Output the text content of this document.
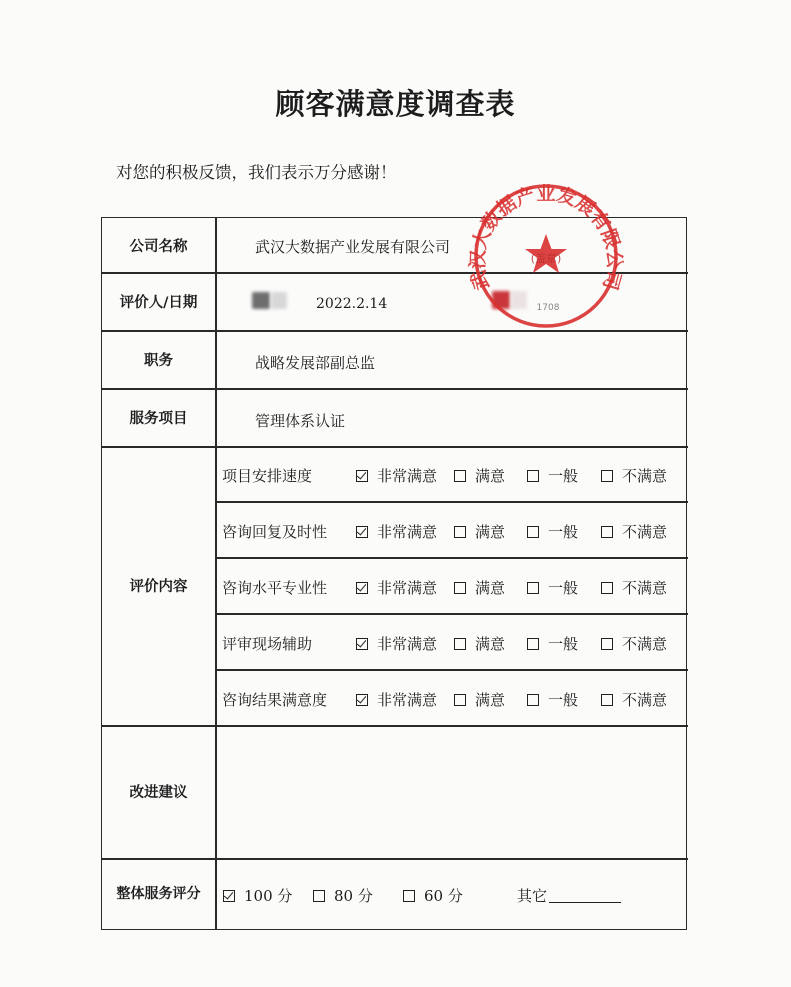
顾客满意度调查表
对您的积极反馈，我们表示万分感谢！
公司名称	武汉大数据产业发展有限公司
评价人/日期	2022.2.14
职务	战略发展部副总监
服务项目	管理体系认证
评价内容
项目安排速度	非常满意	满意	一般	不满意
咨询回复及时性	非常满意	满意	一般	不满意
咨询水平专业性	非常满意	满意	一般	不满意
评审现场辅助	非常满意	满意	一般	不满意
咨询结果满意度	非常满意	满意	一般	不满意
改进建议
整体服务评分	100 分	80 分	60 分	其它
武汉大数据产业发展有限公司
(盖章)
1708
